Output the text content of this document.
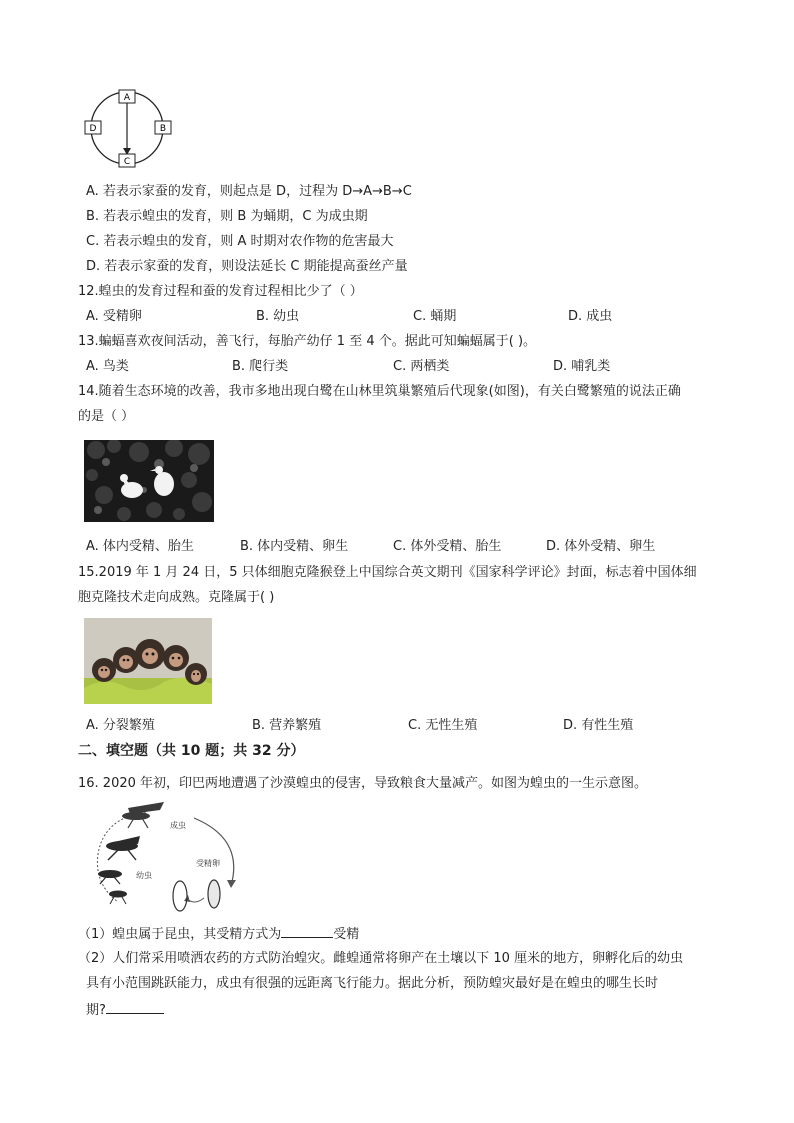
A
B
C
D
A. 若表示家蚕的发育，则起点是 D，过程为 D→A→B→C
B. 若表示蝗虫的发育，则 B 为蛹期，C 为成虫期
C. 若表示蝗虫的发育，则 A 时期对农作物的危害最大
D. 若表示家蚕的发育，则设法延长 C 期能提高蚕丝产量
12.蝗虫的发育过程和蚕的发育过程相比少了（ ）
A. 受精卵	B. 幼虫	C. 蛹期	D. 成虫
13.蝙蝠喜欢夜间活动，善飞行，每胎产幼仔 1 至 4 个。据此可知蝙蝠属于( )。
A. 鸟类	B. 爬行类	C. 两栖类	D. 哺乳类
14.随着生态环境的改善，我市多地出现白鹭在山林里筑巢繁殖后代现象(如图)，有关白鹭繁殖的说法正确
的是（ ）
A. 体内受精、胎生	B. 体内受精、卵生	C. 体外受精、胎生	D. 体外受精、卵生
15.2019 年 1 月 24 日，5 只体细胞克隆猴登上中国综合英文期刊《国家科学评论》封面，标志着中国体细
胞克隆技术走向成熟。克隆属于( )
A. 分裂繁殖	B. 营养繁殖	C. 无性生殖	D. 有性生殖
二、填空题（共 10 题；共 32 分）
16. 2020 年初，印巴两地遭遇了沙漠蝗虫的侵害，导致粮食大量减产。如图为蝗虫的一生示意图。
成虫
幼虫
受精卵
（1）蝗虫属于昆虫，其受精方式为	受精
（2）人们常采用喷洒农药的方式防治蝗灾。雌蝗通常将卵产在土壤以下 10 厘米的地方，卵孵化后的幼虫
具有小范围跳跃能力，成虫有很强的远距离飞行能力。据此分析，预防蝗灾最好是在蝗虫的哪生长时
期?
